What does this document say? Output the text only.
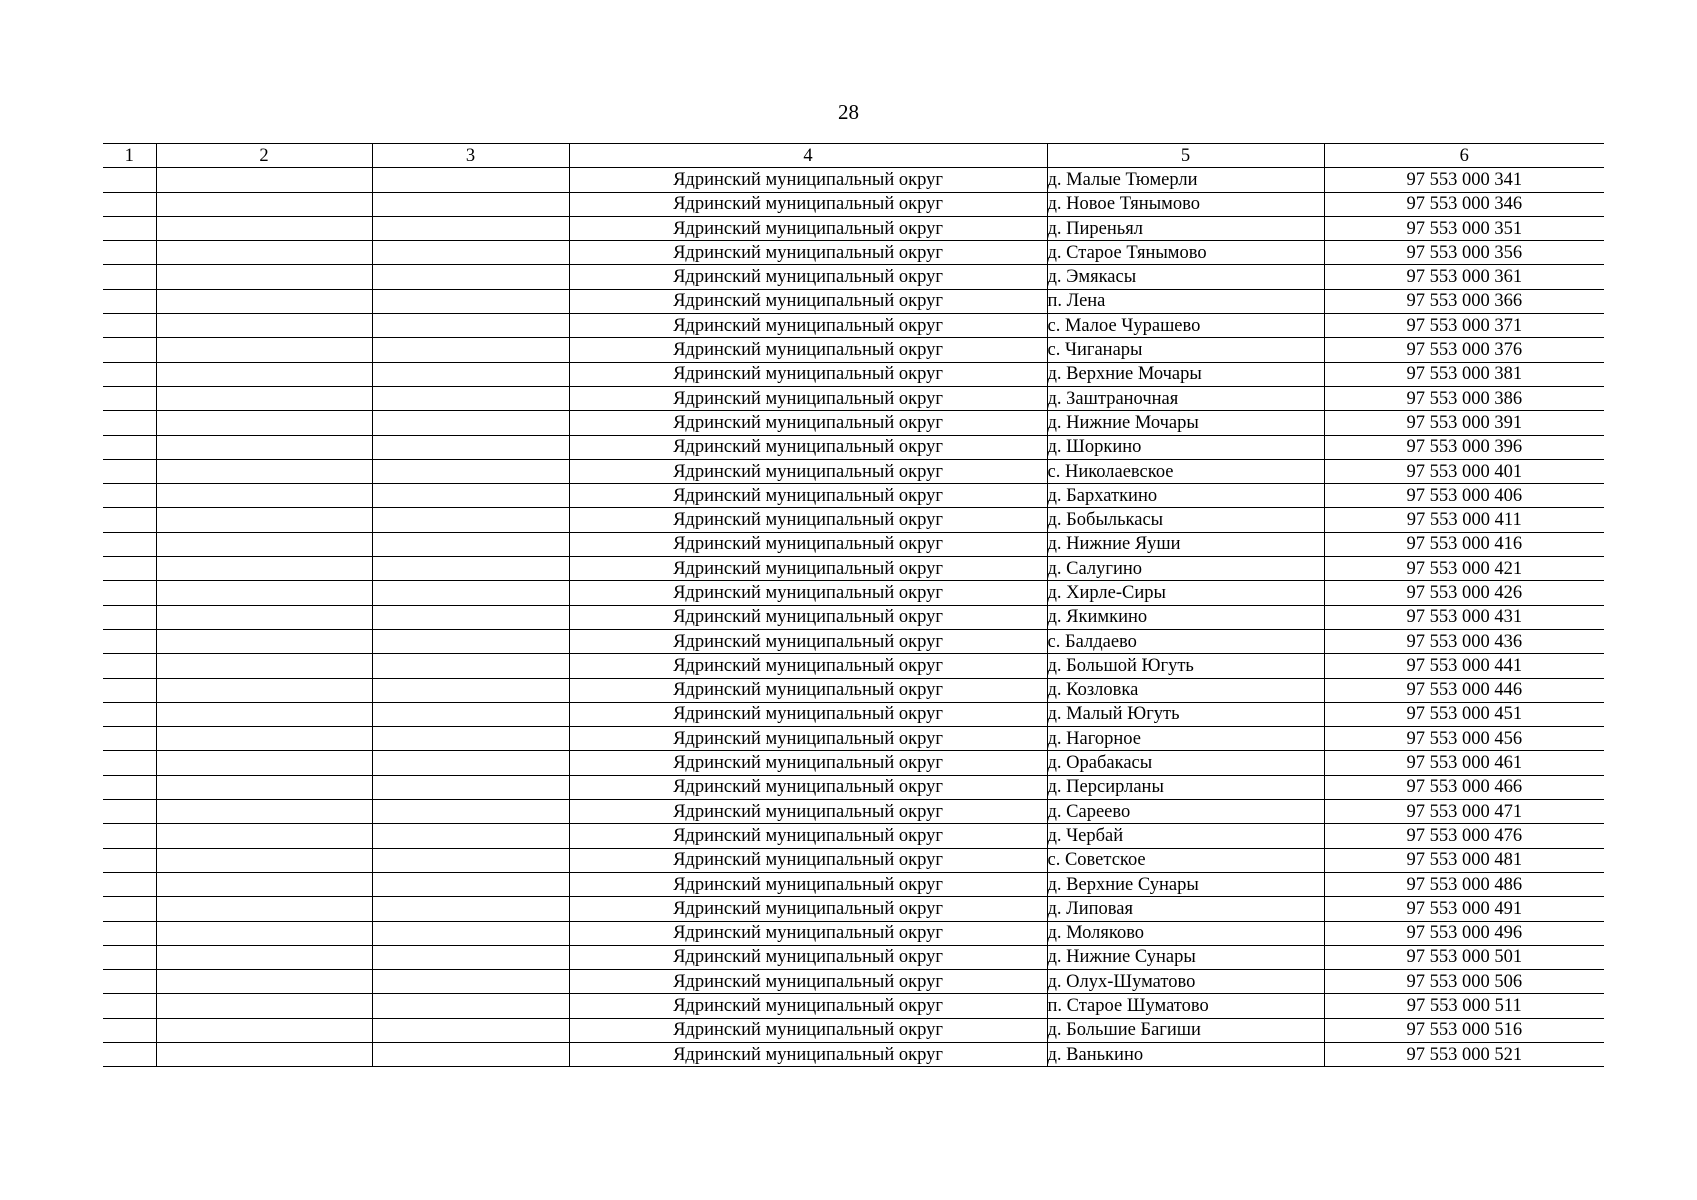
28
1	2	3	4	5	6
			Ядринский муниципальный округ	д. Малые Тюмерли	97 553 000 341
			Ядринский муниципальный округ	д. Новое Тянымово	97 553 000 346
			Ядринский муниципальный округ	д. Пиреньял	97 553 000 351
			Ядринский муниципальный округ	д. Старое Тянымово	97 553 000 356
			Ядринский муниципальный округ	д. Эмякасы	97 553 000 361
			Ядринский муниципальный округ	п. Лена	97 553 000 366
			Ядринский муниципальный округ	с. Малое Чурашево	97 553 000 371
			Ядринский муниципальный округ	с. Чиганары	97 553 000 376
			Ядринский муниципальный округ	д. Верхние Мочары	97 553 000 381
			Ядринский муниципальный округ	д. Заштраночная	97 553 000 386
			Ядринский муниципальный округ	д. Нижние Мочары	97 553 000 391
			Ядринский муниципальный округ	д. Шоркино	97 553 000 396
			Ядринский муниципальный округ	с. Николаевское	97 553 000 401
			Ядринский муниципальный округ	д. Бархаткино	97 553 000 406
			Ядринский муниципальный округ	д. Бобылькасы	97 553 000 411
			Ядринский муниципальный округ	д. Нижние Яуши	97 553 000 416
			Ядринский муниципальный округ	д. Салугино	97 553 000 421
			Ядринский муниципальный округ	д. Хирле-Сиры	97 553 000 426
			Ядринский муниципальный округ	д. Якимкино	97 553 000 431
			Ядринский муниципальный округ	с. Балдаево	97 553 000 436
			Ядринский муниципальный округ	д. Большой Югуть	97 553 000 441
			Ядринский муниципальный округ	д. Козловка	97 553 000 446
			Ядринский муниципальный округ	д. Малый Югуть	97 553 000 451
			Ядринский муниципальный округ	д. Нагорное	97 553 000 456
			Ядринский муниципальный округ	д. Орабакасы	97 553 000 461
			Ядринский муниципальный округ	д. Персирланы	97 553 000 466
			Ядринский муниципальный округ	д. Сареево	97 553 000 471
			Ядринский муниципальный округ	д. Чербай	97 553 000 476
			Ядринский муниципальный округ	с. Советское	97 553 000 481
			Ядринский муниципальный округ	д. Верхние Сунары	97 553 000 486
			Ядринский муниципальный округ	д. Липовая	97 553 000 491
			Ядринский муниципальный округ	д. Моляково	97 553 000 496
			Ядринский муниципальный округ	д. Нижние Сунары	97 553 000 501
			Ядринский муниципальный округ	д. Олух-Шуматово	97 553 000 506
			Ядринский муниципальный округ	п. Старое Шуматово	97 553 000 511
			Ядринский муниципальный округ	д. Большие Багиши	97 553 000 516
			Ядринский муниципальный округ	д. Ванькино	97 553 000 521
